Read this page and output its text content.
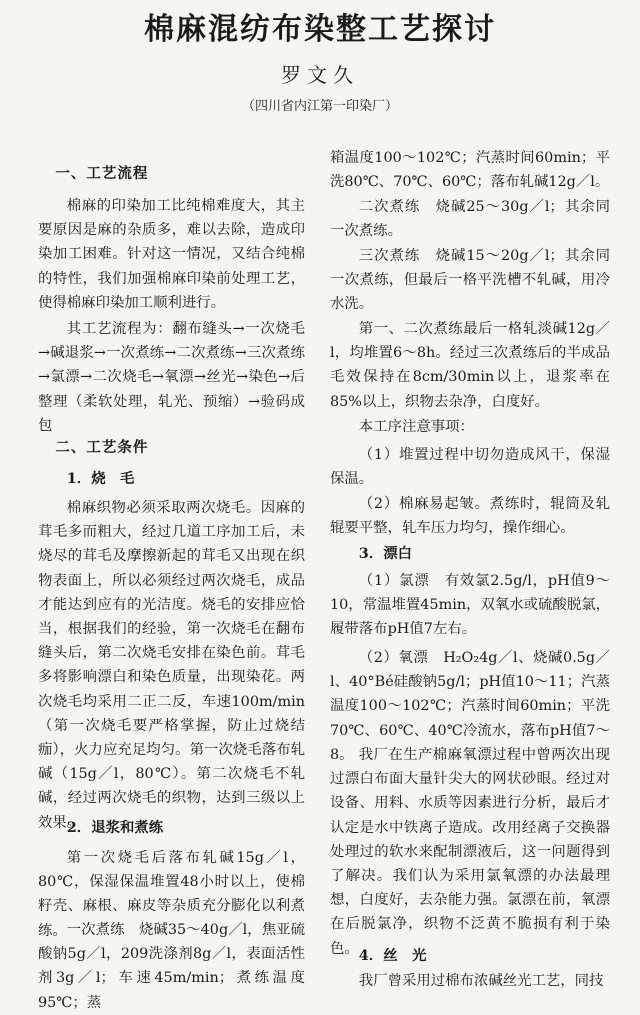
棉麻混纺布染整工艺探讨
罗文久
（四川省内江第一印染厂）

一、工艺流程

棉麻的印染加工比纯棉难度大，其主要原因是麻的杂质多，难以去除，造成印染加工困难。针对这一情况，又结合纯棉的特性，我们加强棉麻印染前处理工艺，使得棉麻印染加工顺利进行。

其工艺流程为：翻布缝头→一次烧毛→碱退浆→一次煮练→二次煮练→三次煮练→氯漂→二次烧毛→氧漂→丝光→染色→后整理（柔软处理，轧光、预缩）→验码成包

二、工艺条件

1．烧　毛

棉麻织物必须采取两次烧毛。因麻的茸毛多而粗大，经过几道工序加工后，未烧尽的茸毛及摩擦新起的茸毛又出现在织物表面上，所以必须经过两次烧毛，成品才能达到应有的光洁度。烧毛的安排应恰当，根据我们的经验，第一次烧毛在翻布缝头后，第二次烧毛安排在染色前。茸毛多将影响漂白和染色质量，出现染花。两次烧毛均采用二正二反，车速100m/min（第一次烧毛要严格掌握，防止过烧结痂），火力应充足均匀。第一次烧毛落布轧碱（15g／l，80℃）。第二次烧毛不轧碱，经过两次烧毛的织物，达到三级以上效果。

2．退浆和煮练

第一次烧毛后落布轧碱15g／l，80℃，保湿保温堆置48小时以上，使棉籽壳、麻根、麻皮等杂质充分膨化以利煮练。 一次煮练　烧碱35～40g／l，焦亚硫酸钠5g／l，209洗涤剂8g／l，表面活性剂3g／l；车速45m/min；煮练温度95℃；蒸

箱温度100～102℃；汽蒸时间60min；平洗80℃、70℃、60℃；落布轧碱12g／l。

二次煮练　烧碱25～30g／l；其余同一次煮练。

三次煮练　烧碱15～20g／l；其余同一次煮练，但最后一格平洗槽不轧碱，用冷水洗。

第一、二次煮练最后一格轧淡碱12g／l，均堆置6～8h。经过三次煮练后的半成品毛效保持在8cm/30min以上，退浆率在85%以上，织物去杂净，白度好。

本工序注意事项：

（1）堆置过程中切勿造成风干，保湿保温。

（2）棉麻易起皱。煮练时，辊筒及轧辊要平整，轧车压力均匀，操作细心。

3．漂白

（1）氯漂　有效氯2.5g/l，pH值9～10，常温堆置45min，双氧水或硫酸脱氯，履带落布pH值7左右。

（2）氧漂　H₂O₂4g／l、烧碱0.5g／l、40°Bé硅酸钠5g/l；pH值10～11；汽蒸温度100～102℃；汽蒸时间60min；平洗70℃、60℃、40℃冷流水，落布pH值7～8。 我厂在生产棉麻氧漂过程中曾两次出现过漂白布面大量针尖大的网状砂眼。经过对设备、用料、水质等因素进行分析，最后才认定是水中铁离子造成。改用经离子交换器处理过的软水来配制漂液后，这一问题得到了解决。我们认为采用氯氧漂的办法最理想，白度好，去杂能力强。氯漂在前，氧漂在后脱氯净，织物不泛黄不脆损有利于染色。 4．丝　光

我厂曾采用过棉布浓碱丝光工艺，同技
